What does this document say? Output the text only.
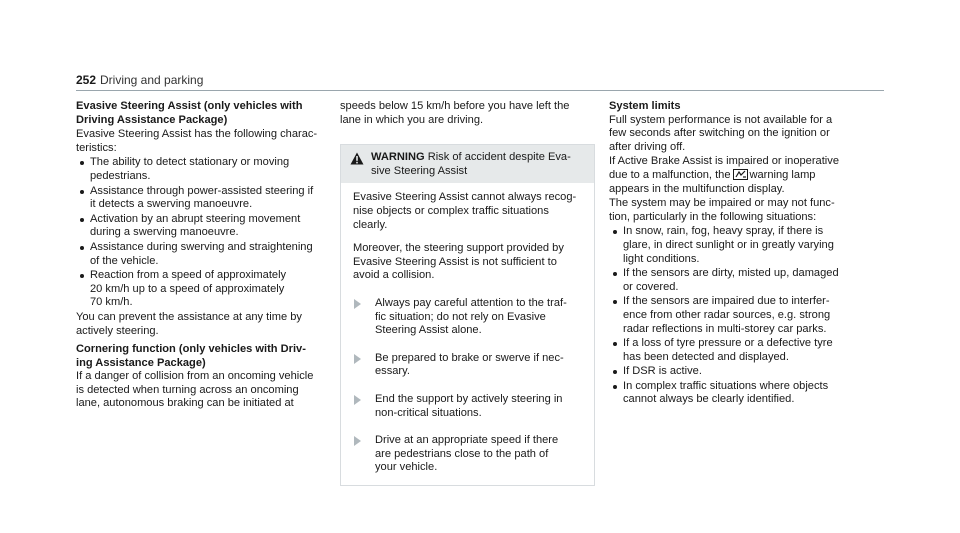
252 Driving and parking

Evasive Steering Assist (only vehicles with
Driving Assistance Package)

Evasive Steering Assist has the following charac-
teristics:

The ability to detect stationary or moving
pedestrians.
Assistance through power-assisted steering if
it detects a swerving manoeuvre.
Activation by an abrupt steering movement
during a swerving manoeuvre.
Assistance during swerving and straightening
of the vehicle.
Reaction from a speed of approximately
20 km/h up to a speed of approximately
70 km/h.

You can prevent the assistance at any time by
actively steering.

Cornering function (only vehicles with Driv-
ing Assistance Package)

If a danger of collision from an oncoming vehicle
is detected when turning across an oncoming
lane, autonomous braking can be initiated at

speeds below 15 km/h before you have left the
lane in which you are driving.

WARNING Risk of accident despite Eva-
sive Steering Assist

Evasive Steering Assist cannot always recog-
nise objects or complex traffic situations
clearly.

Moreover, the steering support provided by
Evasive Steering Assist is not sufficient to
avoid a collision.

Always pay careful attention to the traf-
fic situation; do not rely on Evasive
Steering Assist alone.
Be prepared to brake or swerve if nec-
essary.
End the support by actively steering in
non-critical situations.
Drive at an appropriate speed if there
are pedestrians close to the path of
your vehicle.

System limits

Full system performance is not available for a
few seconds after switching on the ignition or
after driving off.

If Active Brake Assist is impaired or inoperative
due to a malfunction, the warning lamp
appears in the multifunction display.

The system may be impaired or may not func-
tion, particularly in the following situations:

In snow, rain, fog, heavy spray, if there is
glare, in direct sunlight or in greatly varying
light conditions.
If the sensors are dirty, misted up, damaged
or covered.
If the sensors are impaired due to interfer-
ence from other radar sources, e.g. strong
radar reflections in multi-storey car parks.
If a loss of tyre pressure or a defective tyre
has been detected and displayed.
If DSR is active.
In complex traffic situations where objects
cannot always be clearly identified.
